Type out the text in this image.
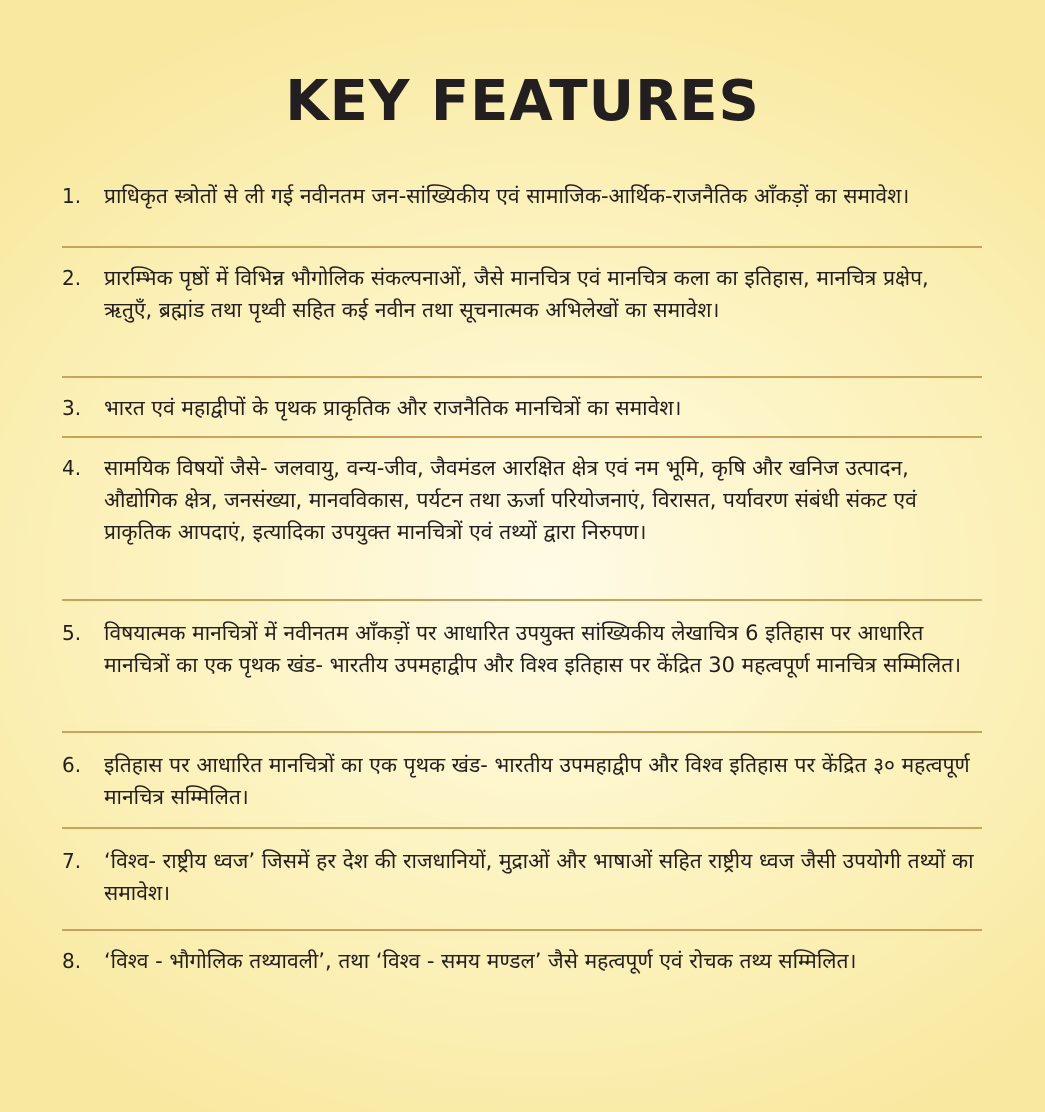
KEY FEATURES
1.	प्राधिकृत स्त्रोतों से ली गई नवीनतम जन-सांख्यिकीय एवं सामाजिक-आर्थिक-राजनैतिक आँकड़ों का समावेश।
2.	प्रारम्भिक पृष्ठों में विभिन्न भौगोलिक संकल्पनाओं, जैसे मानचित्र एवं मानचित्र कला का इतिहास, मानचित्र प्रक्षेप, ऋतुएँ, ब्रह्मांड तथा पृथ्वी सहित कई नवीन तथा सूचनात्मक अभिलेखों का समावेश।
3.	भारत एवं महाद्वीपों के पृथक प्राकृतिक और राजनैतिक मानचित्रों का समावेश।
4.	सामयिक विषयों जैसे- जलवायु, वन्य-जीव, जैवमंडल आरक्षित क्षेत्र एवं नम भूमि, कृषि और खनिज उत्पादन, औद्योगिक क्षेत्र, जनसंख्या, मानवविकास, पर्यटन तथा ऊर्जा परियोजनाएं, विरासत, पर्यावरण संबंधी संकट एवं प्राकृतिक आपदाएं, इत्यादिका उपयुक्त मानचित्रों एवं तथ्यों द्वारा निरुपण।
5.	विषयात्मक मानचित्रों में नवीनतम आँकड़ों पर आधारित उपयुक्त सांख्यिकीय लेखाचित्र 6 इतिहास पर आधारित मानचित्रों का एक पृथक खंड- भारतीय उपमहाद्वीप और विश्व इतिहास पर केंद्रित 30 महत्वपूर्ण मानचित्र सम्मिलित।
6.	इतिहास पर आधारित मानचित्रों का एक पृथक खंड- भारतीय उपमहाद्वीप और विश्व इतिहास पर केंद्रित ३० महत्वपूर्ण मानचित्र सम्मिलित।
7.	‘विश्व- राष्ट्रीय ध्वज’ जिसमें हर देश की राजधानियों, मुद्राओं और भाषाओं सहित राष्ट्रीय ध्वज जैसी उपयोगी तथ्यों का समावेश।
8.	‘विश्व - भौगोलिक तथ्यावली’, तथा ‘विश्व - समय मण्डल’ जैसे महत्वपूर्ण एवं रोचक तथ्य सम्मिलित।
